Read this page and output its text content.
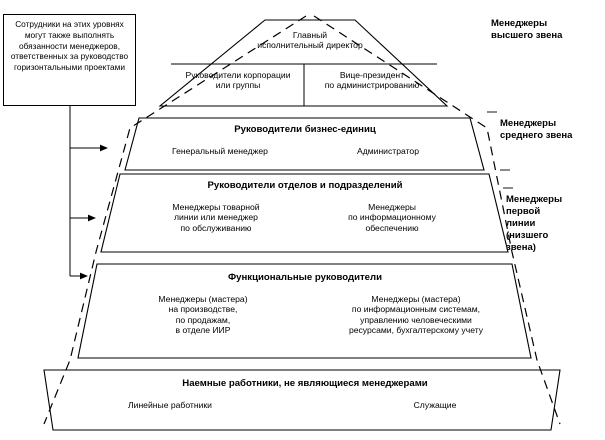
Сотрудники на этих уровнях могут также выполнять обязанности менеджеров, ответственных за руководство горизонтальными проектами
Менеджеры
высшего звена
Менеджеры
среднего звена
Менеджеры
первой
линии
(низшего
звена)
Главный
исполнительный директор
Руководители корпорации
или группы
Вице-президент
по администрированию
Руководители бизнес-единиц
Генеральный менеджер	Администратор
Руководители отделов и подразделений
Менеджеры товарной
линии или менеджер
по обслуживанию
Менеджеры
по информационному
обеспечению
Функциональные руководители
Менеджеры (мастера)
на производстве,
по продажам,
в отделе ИИР
Менеджеры (мастера)
по информационным системам,
управлению человеческими
ресурсами, бухгалтерскому учету
Наемные работники, не являющиеся менеджерами
Линейные работники	Служащие
